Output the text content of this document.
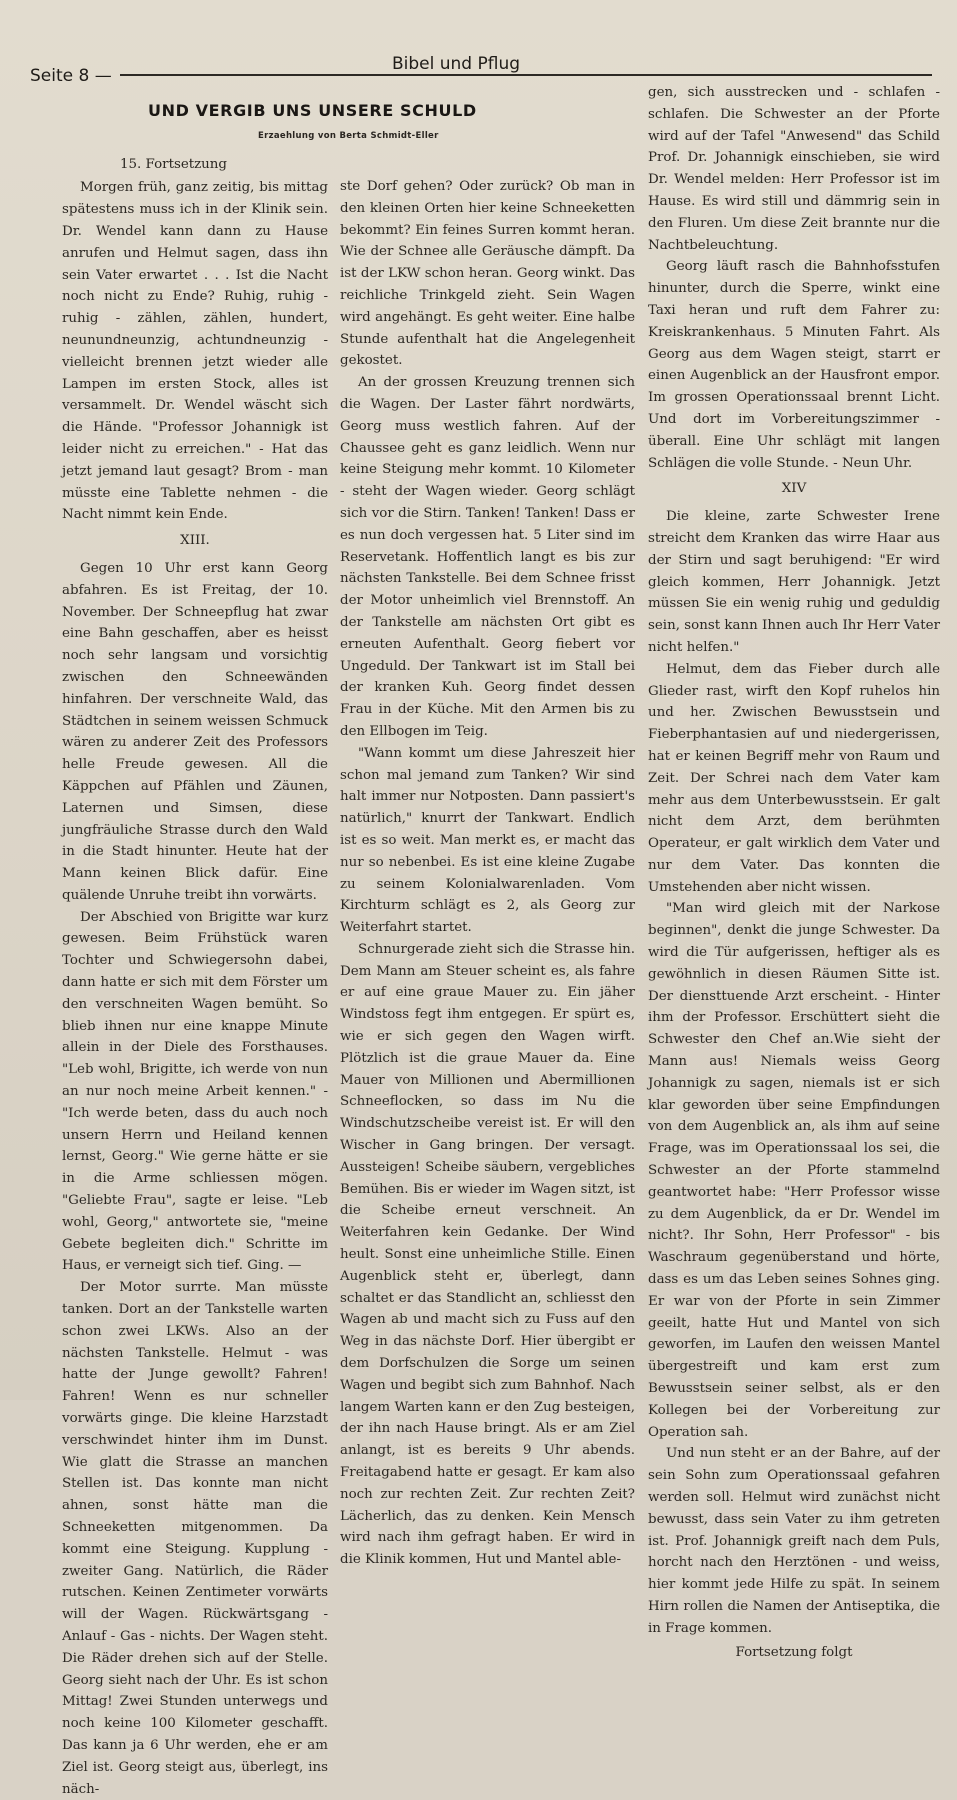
Seite 8 —
Bibel und Pflug
UND VERGIB UNS UNSERE SCHULD
Erzaehlung von Berta Schmidt-Eller

15. Fortsetzung

Morgen früh, ganz zeitig, bis mittag spätestens muss ich in der Klinik sein. Dr. Wendel kann dann zu Hause anrufen und Helmut sagen, dass ihn sein Vater erwartet . . . Ist die Nacht noch nicht zu Ende? Ruhig, ruhig - ruhig - zählen, zählen, hundert, neunundneunzig, achtundneunzig - vielleicht brennen jetzt wieder alle Lampen im ersten Stock, alles ist versammelt. Dr. Wendel wäscht sich die Hände. "Professor Johannigk ist leider nicht zu erreichen." - Hat das jetzt jemand laut gesagt? Brom - man müsste eine Tablette nehmen - die Nacht nimmt kein Ende.

XIII.

Gegen 10 Uhr erst kann Georg abfahren. Es ist Freitag, der 10. November. Der Schneepflug hat zwar eine Bahn geschaffen, aber es heisst noch sehr langsam und vorsichtig zwischen den Schneewänden hinfahren. Der verschneite Wald, das Städtchen in seinem weissen Schmuck wären zu anderer Zeit des Professors helle Freude gewesen. All die Käppchen auf Pfählen und Zäunen, Laternen und Simsen, diese jungfräuliche Strasse durch den Wald in die Stadt hinunter. Heute hat der Mann keinen Blick dafür. Eine quälende Unruhe treibt ihn vorwärts.

Der Abschied von Brigitte war kurz gewesen. Beim Frühstück waren Tochter und Schwiegersohn dabei, dann hatte er sich mit dem Förster um den verschneiten Wagen bemüht. So blieb ihnen nur eine knappe Minute allein in der Diele des Forsthauses. "Leb wohl, Brigitte, ich werde von nun an nur noch meine Arbeit kennen." - "Ich werde beten, dass du auch noch unsern Herrn und Heiland kennen lernst, Georg." Wie gerne hätte er sie in die Arme schliessen mögen. "Geliebte Frau", sagte er leise. "Leb wohl, Georg," antwortete sie, "meine Gebete begleiten dich." Schritte im Haus, er verneigt sich tief. Ging. —

Der Motor surrte. Man müsste tanken. Dort an der Tankstelle warten schon zwei LKWs. Also an der nächsten Tankstelle. Helmut - was hatte der Junge gewollt? Fahren! Fahren! Wenn es nur schneller vorwärts ginge. Die kleine Harzstadt verschwindet hinter ihm im Dunst. Wie glatt die Strasse an manchen Stellen ist. Das konnte man nicht ahnen, sonst hätte man die Schneeketten mitgenommen. Da kommt eine Steigung. Kupplung - zweiter Gang. Natürlich, die Räder rutschen. Keinen Zentimeter vorwärts will der Wagen. Rückwärtsgang - Anlauf - Gas - nichts. Der Wagen steht. Die Räder drehen sich auf der Stelle. Georg sieht nach der Uhr. Es ist schon Mittag! Zwei Stunden unterwegs und noch keine 100 Kilometer geschafft. Das kann ja 6 Uhr werden, ehe er am Ziel ist. Georg steigt aus, überlegt, ins näch-

ste Dorf gehen? Oder zurück? Ob man in den kleinen Orten hier keine Schneeketten bekommt? Ein feines Surren kommt heran. Wie der Schnee alle Geräusche dämpft. Da ist der LKW schon heran. Georg winkt. Das reichliche Trinkgeld zieht. Sein Wagen wird angehängt. Es geht weiter. Eine halbe Stunde aufenthalt hat die Angelegenheit gekostet.

An der grossen Kreuzung trennen sich die Wagen. Der Laster fährt nordwärts, Georg muss westlich fahren. Auf der Chaussee geht es ganz leidlich. Wenn nur keine Steigung mehr kommt. 10 Kilometer - steht der Wagen wieder. Georg schlägt sich vor die Stirn. Tanken! Tanken! Dass er es nun doch vergessen hat. 5 Liter sind im Reservetank. Hoffentlich langt es bis zur nächsten Tankstelle. Bei dem Schnee frisst der Motor unheimlich viel Brennstoff. An der Tankstelle am nächsten Ort gibt es erneuten Aufenthalt. Georg fiebert vor Ungeduld. Der Tankwart ist im Stall bei der kranken Kuh. Georg findet dessen Frau in der Küche. Mit den Armen bis zu den Ellbogen im Teig.

"Wann kommt um diese Jahreszeit hier schon mal jemand zum Tanken? Wir sind halt immer nur Notposten. Dann passiert's natürlich," knurrt der Tankwart. Endlich ist es so weit. Man merkt es, er macht das nur so nebenbei. Es ist eine kleine Zugabe zu seinem Kolonialwarenladen. Vom Kirchturm schlägt es 2, als Georg zur Weiterfahrt startet.

Schnurgerade zieht sich die Strasse hin. Dem Mann am Steuer scheint es, als fahre er auf eine graue Mauer zu. Ein jäher Windstoss fegt ihm entgegen. Er spürt es, wie er sich gegen den Wagen wirft. Plötzlich ist die graue Mauer da. Eine Mauer von Millionen und Abermillionen Schneeflocken, so dass im Nu die Windschutzscheibe vereist ist. Er will den Wischer in Gang bringen. Der versagt. Aussteigen! Scheibe säubern, vergebliches Bemühen. Bis er wieder im Wagen sitzt, ist die Scheibe erneut verschneit. An Weiterfahren kein Gedanke. Der Wind heult. Sonst eine unheimliche Stille. Einen Augenblick steht er, überlegt, dann schaltet er das Standlicht an, schliesst den Wagen ab und macht sich zu Fuss auf den Weg in das nächste Dorf. Hier übergibt er dem Dorfschulzen die Sorge um seinen Wagen und begibt sich zum Bahnhof. Nach langem Warten kann er den Zug besteigen, der ihn nach Hause bringt. Als er am Ziel anlangt, ist es bereits 9 Uhr abends. Freitagabend hatte er gesagt. Er kam also noch zur rechten Zeit. Zur rechten Zeit? Lächerlich, das zu denken. Kein Mensch wird nach ihm gefragt haben. Er wird in die Klinik kommen, Hut und Mantel able-

gen, sich ausstrecken und - schlafen - schlafen. Die Schwester an der Pforte wird auf der Tafel "Anwesend" das Schild Prof. Dr. Johannigk einschieben, sie wird Dr. Wendel melden: Herr Professor ist im Hause. Es wird still und dämmrig sein in den Fluren. Um diese Zeit brannte nur die Nachtbeleuchtung.

Georg läuft rasch die Bahnhofsstufen hinunter, durch die Sperre, winkt eine Taxi heran und ruft dem Fahrer zu: Kreiskrankenhaus. 5 Minuten Fahrt. Als Georg aus dem Wagen steigt, starrt er einen Augenblick an der Hausfront empor. Im grossen Operationssaal brennt Licht. Und dort im Vorbereitungszimmer - überall. Eine Uhr schlägt mit langen Schlägen die volle Stunde. - Neun Uhr.

XIV

Die kleine, zarte Schwester Irene streicht dem Kranken das wirre Haar aus der Stirn und sagt beruhigend: "Er wird gleich kommen, Herr Johannigk. Jetzt müssen Sie ein wenig ruhig und geduldig sein, sonst kann Ihnen auch Ihr Herr Vater nicht helfen."

Helmut, dem das Fieber durch alle Glieder rast, wirft den Kopf ruhelos hin und her. Zwischen Bewusstsein und Fieberphantasien auf und niedergerissen, hat er keinen Begriff mehr von Raum und Zeit. Der Schrei nach dem Vater kam mehr aus dem Unterbewusstsein. Er galt nicht dem Arzt, dem berühmten Operateur, er galt wirklich dem Vater und nur dem Vater. Das konnten die Umstehenden aber nicht wissen.

"Man wird gleich mit der Narkose beginnen", denkt die junge Schwester. Da wird die Tür aufgerissen, heftiger als es gewöhnlich in diesen Räumen Sitte ist. Der diensttuende Arzt erscheint. - Hinter ihm der Professor. Erschüttert sieht die Schwester den Chef an.Wie sieht der Mann aus! Niemals weiss Georg Johannigk zu sagen, niemals ist er sich klar geworden über seine Empfindungen von dem Augenblick an, als ihm auf seine Frage, was im Operationssaal los sei, die Schwester an der Pforte stammelnd geantwortet habe: "Herr Professor wisse zu dem Augenblick, da er Dr. Wendel im nicht?. Ihr Sohn, Herr Professor" - bis Waschraum gegenüberstand und hörte, dass es um das Leben seines Sohnes ging. Er war von der Pforte in sein Zimmer geeilt, hatte Hut und Mantel von sich geworfen, im Laufen den weissen Mantel übergestreift und kam erst zum Bewusstsein seiner selbst, als er den Kollegen bei der Vorbereitung zur Operation sah.

Und nun steht er an der Bahre, auf der sein Sohn zum Operationssaal gefahren werden soll. Helmut wird zunächst nicht bewusst, dass sein Vater zu ihm getreten ist. Prof. Johannigk greift nach dem Puls, horcht nach den Herztönen - und weiss, hier kommt jede Hilfe zu spät. In seinem Hirn rollen die Namen der Antiseptika, die in Frage kommen.

Fortsetzung folgt
